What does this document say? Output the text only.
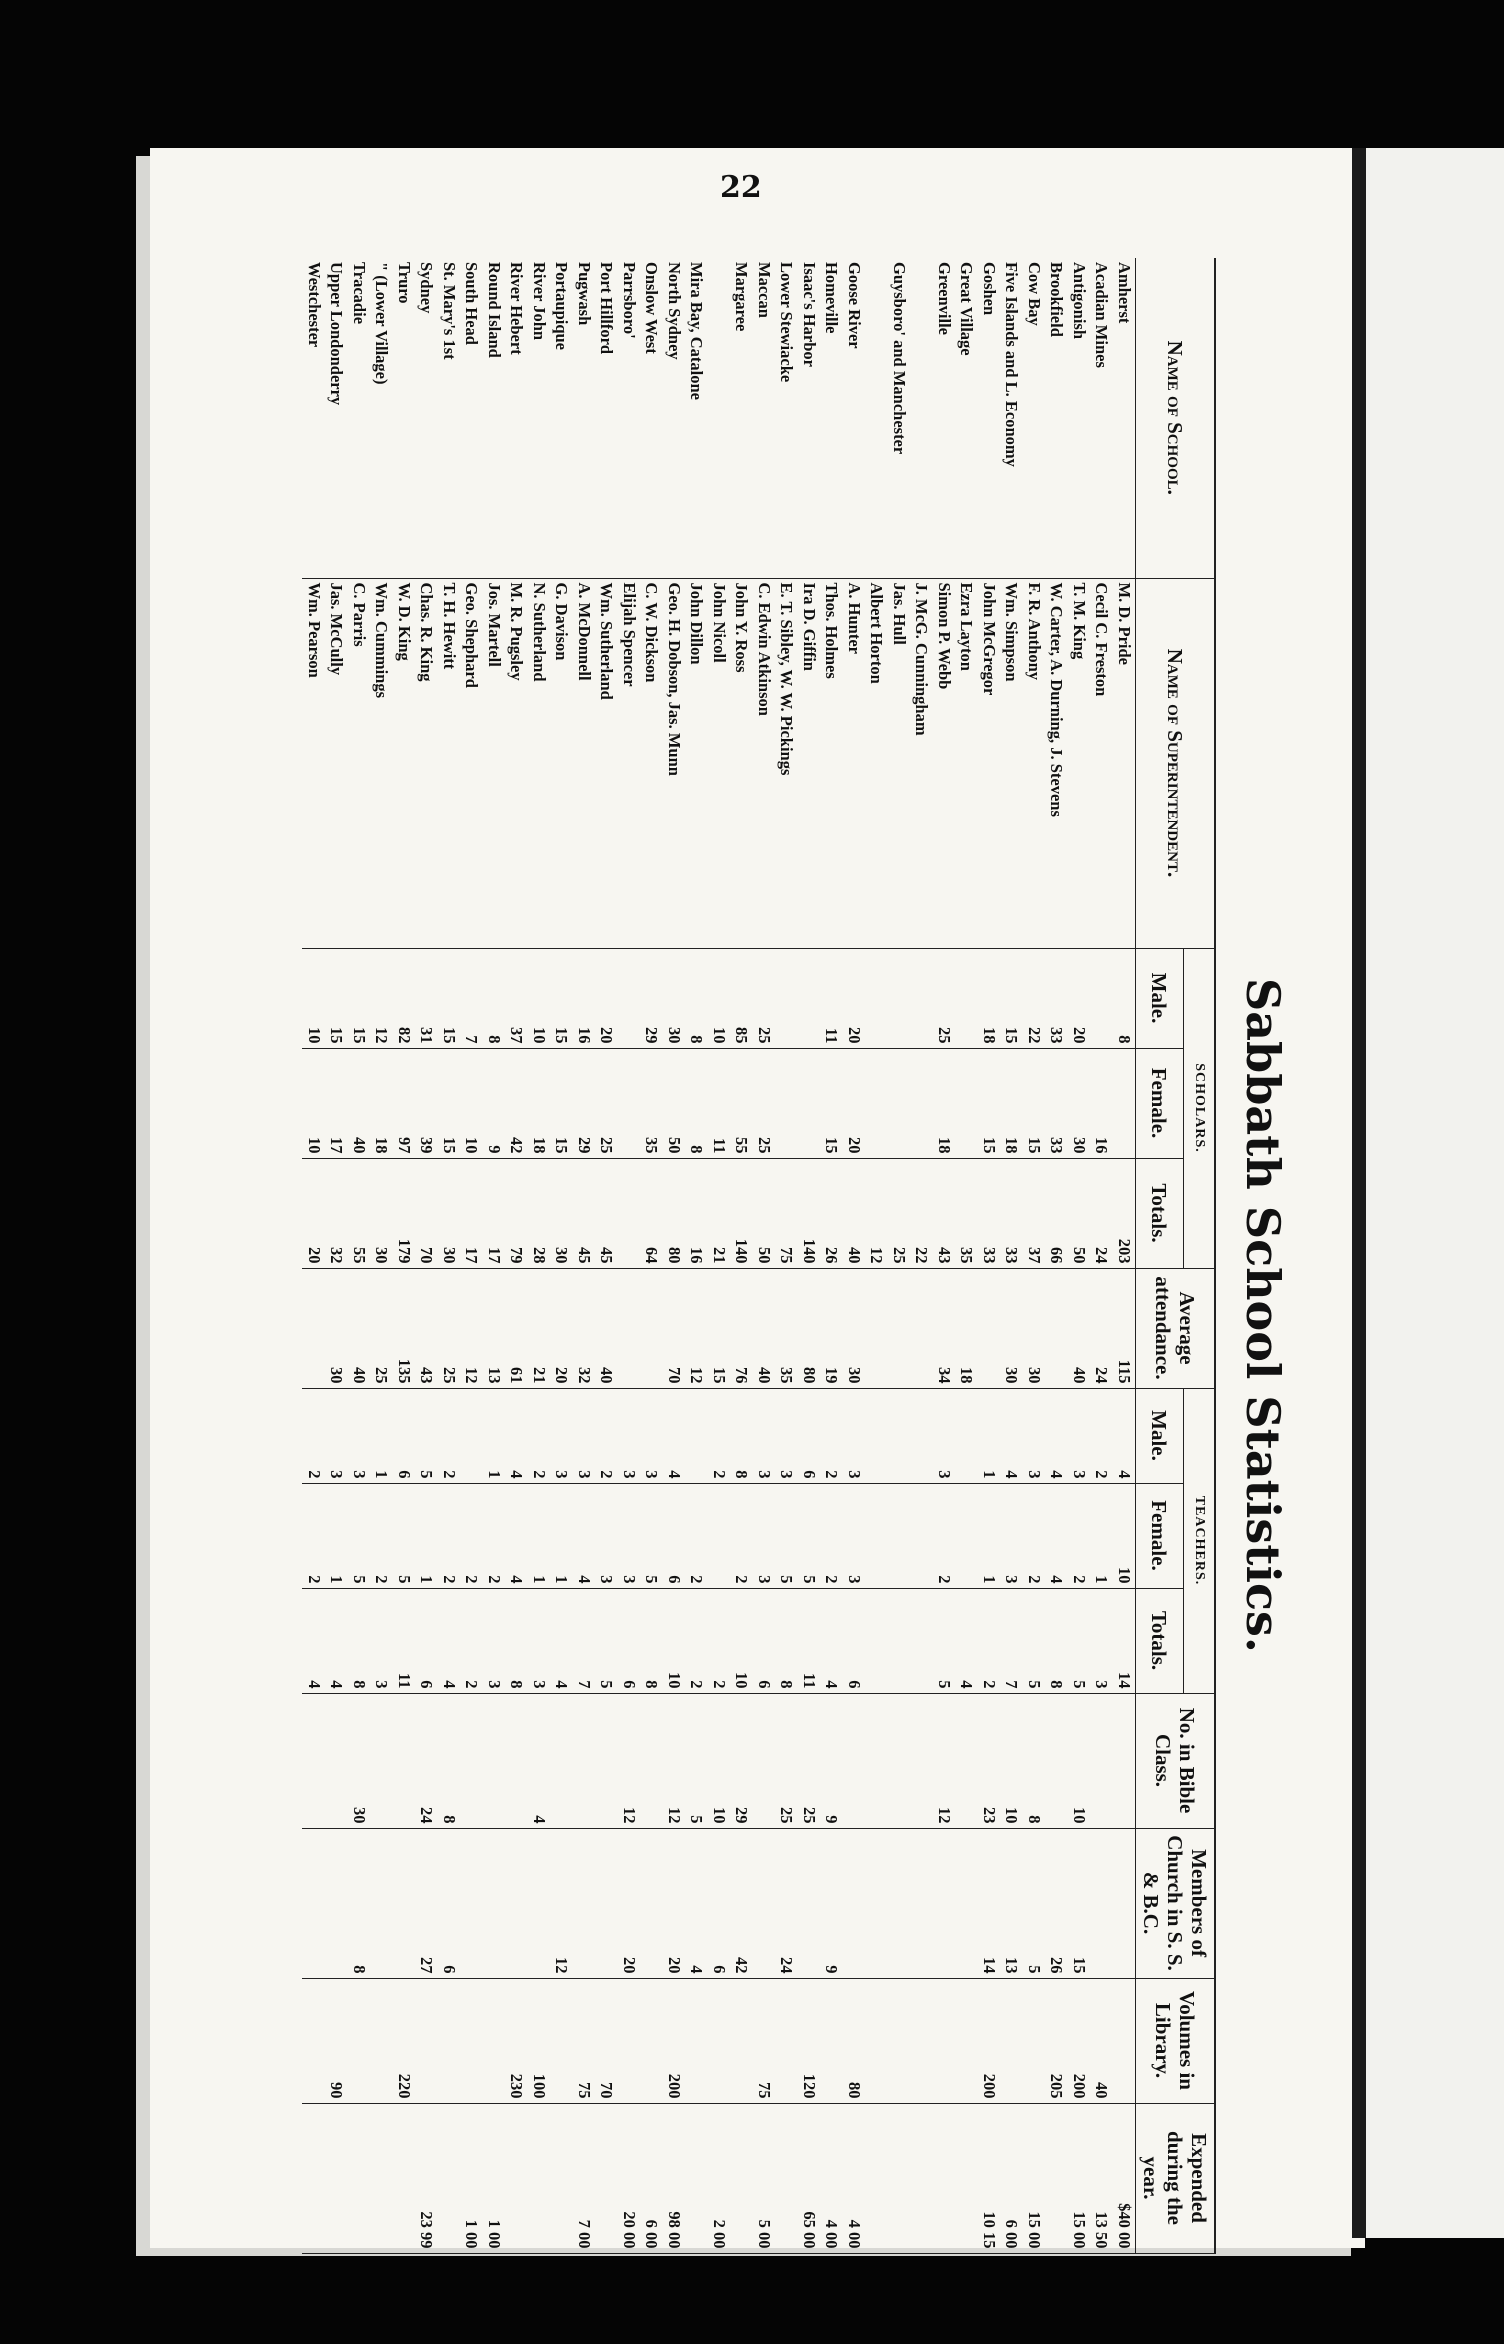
22
Sabbath School Statistics.
Name of School.	Name of Superintendent.	SCHOLARS.			Average attendance.	TEACHERS.			No. in Bible Class.	Members of Church in S. S. & B.C.	Volumes in Library.	Expended during the year.
		Male.	Female.	Totals.		Male.	Female.	Totals.				
Amherst	M. D. Pride	8		203	115	4	10	14				$40 00
Acadian Mines	Cecil C. Freston		16	24	24	2	1	3			40	13 50
Antigonish	T. M. King	20	30	50	40	3	2	5	10	15	200	15 00
Brookfield	W. Carter, A. Durning, J. Stevens	33	33	66		4	4	8		26	205	
Cow Bay	F. R. Anthony	22	15	37	30	3	2	5	8	5		15 00
Five Islands and L. Economy	Wm. Simpson	15	18	33	30	4	3	7	10	13		6 00
Goshen	John McGregor	18	15	33		1	1	2	23	14	200	10 15
Great Village	Ezra Layton			35	18			4				
Greenville	Simon P. Webb	25	18	43	34	3	2	5	12			
	J. McG. Cunningham			22								
Guysboro' and Manchester	Jas. Hull			25								
	Albert Horton			12								
Goose River	A. Hunter	20	20	40	30	3	3	6			80	4 00
Homeville	Thos. Holmes	11	15	26	19	2	2	4	9	9		4 00
Isaac's Harbor	Ira D. Giffin			140	80	6	5	11	25		120	65 00
Lower Stewiacke	E. T. Sibley, W. W. Pickings			75	35	3	5	8	25	24		
Maccan	C. Edwin Atkinson	25	25	50	40	3	3	6			75	5 00
Margaree	John Y. Ross	85	55	140	76	8	2	10	29	42		
	John Nicoll	10	11	21	15	2		2	10	6		2 00
Mira Bay, Catalone	John Dillon	8	8	16	12		2	2	5	4		
North Sydney	Geo. H. Dobson, Jas. Munn	30	50	80	70	4	6	10	12	20	200	98 00
Onslow West	C. W. Dickson	29	35	64		3	5	8				6 00
Parrsboro'	Elijah Spencer					3	3	6	12	20		20 00
Port Hillford	Wm. Sutherland	20	25	45	40	2	3	5			70	
Pugwash	A. McDonnell	16	29	45	32	3	4	7			75	7 00
Portaupique	G. Davison	15	15	30	20	3	1	4		12		
River John	N. Sutherland	10	18	28	21	2	1	3	4		100	
River Hebert	M. R. Pugsley	37	42	79	61	4	4	8			230	
Round Island	Jos. Martell	8	9	17	13	1	2	3				1 00
South Head	Geo. Shephard	7	10	17	12		2	2				1 00
St. Mary's 1st	T. H. Hewitt	15	15	30	25	2	2	4	8	6		
Sydney	Chas. R. King	31	39	70	43	5	1	6	24	27		23 99
Truro	W. D. King	82	97	179	135	6	5	11			220	
" (Lower Village)	Wm. Cummings	12	18	30	25	1	2	3				
Tracadie	C. Parris	15	40	55	40	3	5	8	30	8		
Upper Londonderry	Jas. McCully	15	17	32	30	3	1	4			90	
Westchester	Wm. Pearson	10	10	20		2	2	4				
